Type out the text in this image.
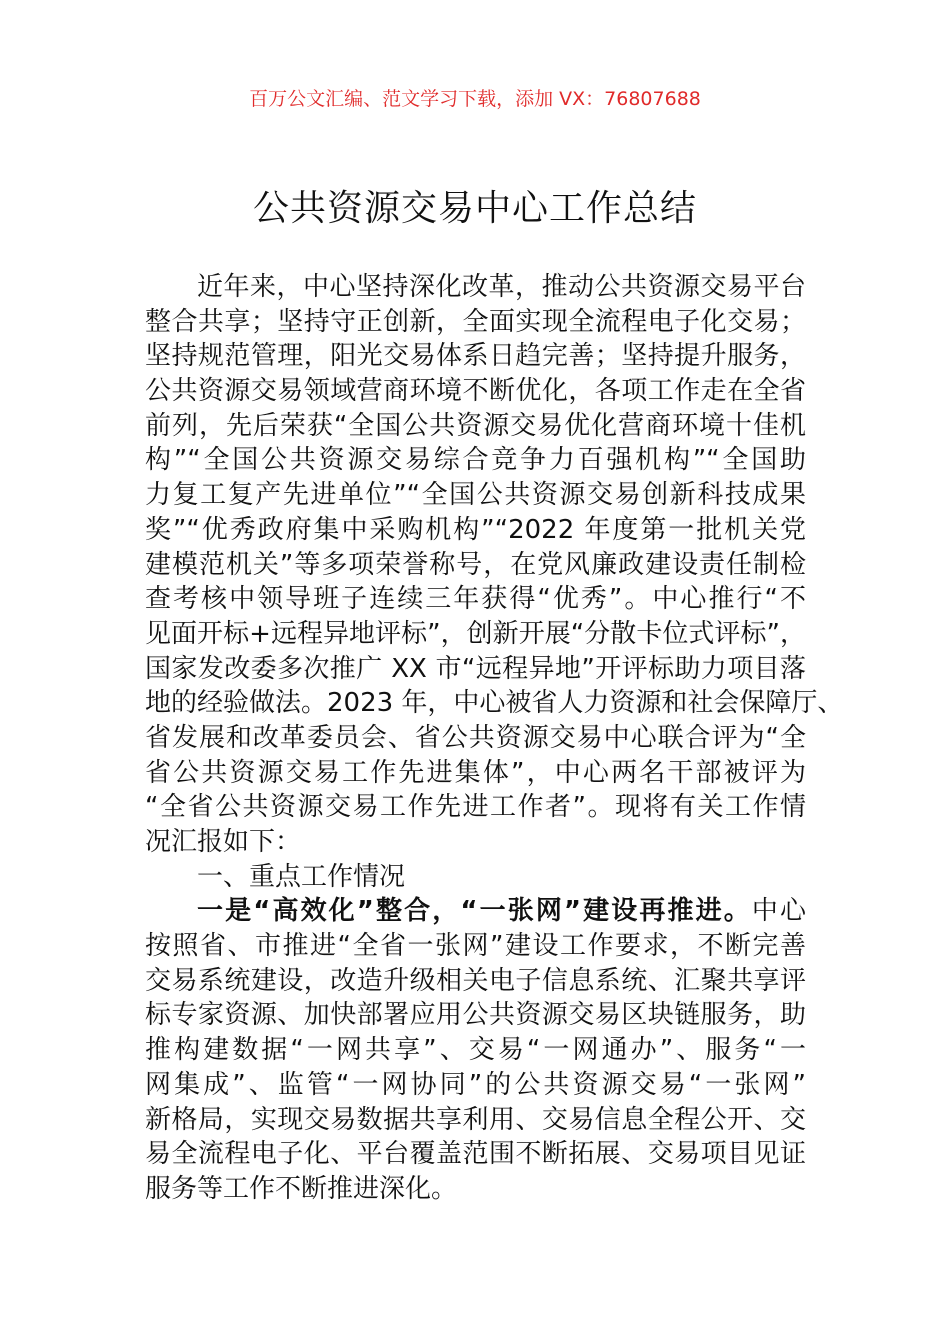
百万公文汇编、范文学习下载，添加 VX：76807688
公共资源交易中心工作总结
近年来，中心坚持深化改革，推动公共资源交易平台
整合共享；坚持守正创新，全面实现全流程电子化交易；
坚持规范管理，阳光交易体系日趋完善；坚持提升服务，
公共资源交易领域营商环境不断优化，各项工作走在全省
前列，先后荣获“全国公共资源交易优化营商环境十佳机
构”“全国公共资源交易综合竞争力百强机构”“全国助
力复工复产先进单位”“全国公共资源交易创新科技成果
奖”“优秀政府集中采购机构”“2022 年度第一批机关党
建模范机关”等多项荣誉称号，在党风廉政建设责任制检
查考核中领导班子连续三年获得“优秀”。中心推行“不
见面开标+远程异地评标”，创新开展“分散卡位式评标”，
国家发改委多次推广 XX 市“远程异地”开评标助力项目落
地的经验做法。2023 年，中心被省人力资源和社会保障厅、
省发展和改革委员会、省公共资源交易中心联合评为“全
省公共资源交易工作先进集体”，中心两名干部被评为
“全省公共资源交易工作先进工作者”。现将有关工作情
况汇报如下：
一、重点工作情况
一是“高效化”整合，“一张网”建设再推进。中心
按照省、市推进“全省一张网”建设工作要求，不断完善
交易系统建设，改造升级相关电子信息系统、汇聚共享评
标专家资源、加快部署应用公共资源交易区块链服务，助
推构建数据“一网共享”、交易“一网通办”、服务“一
网集成”、监管“一网协同”的公共资源交易“一张网”
新格局，实现交易数据共享利用、交易信息全程公开、交
易全流程电子化、平台覆盖范围不断拓展、交易项目见证
服务等工作不断推进深化。
